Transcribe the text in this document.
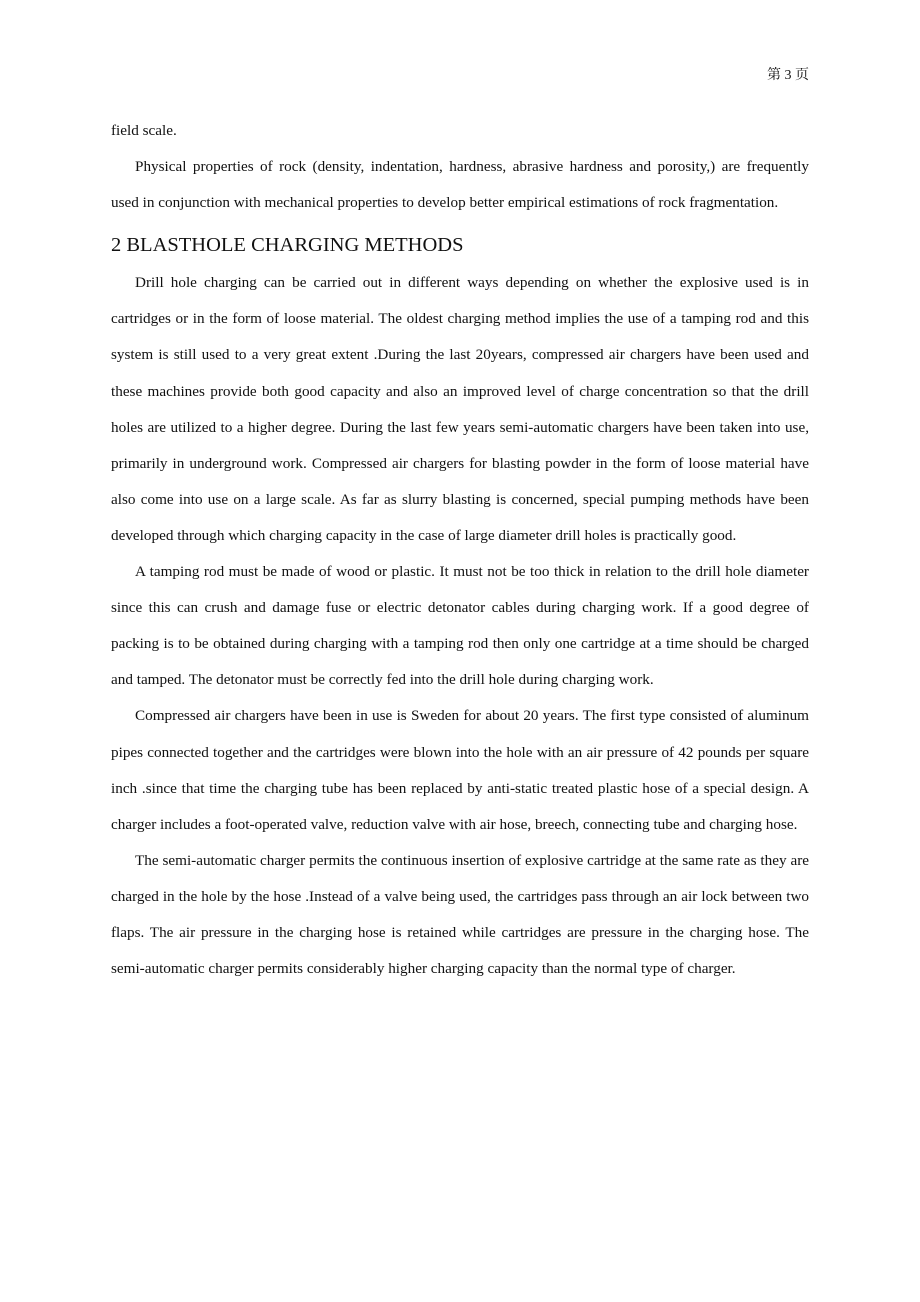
第 3 页

field scale.

Physical properties of rock (density, indentation, hardness, abrasive hardness and porosity,) are frequently used in conjunction with mechanical properties to develop better empirical estimations of rock fragmentation.

2 BLASTHOLE CHARGING METHODS

Drill hole charging can be carried out in different ways depending on whether the explosive used is in cartridges or in the form of loose material. The oldest charging method implies the use of a tamping rod and this system is still used to a very great extent .During the last 20years, compressed air chargers have been used and these machines provide both good capacity and also an improved level of charge concentration so that the drill holes are utilized to a higher degree. During the last few years semi-automatic chargers have been taken into use, primarily in underground work. Compressed air chargers for blasting powder in the form of loose material have also come into use on a large scale. As far as slurry blasting is concerned, special pumping methods have been developed through which charging capacity in the case of large diameter drill holes is practically good.

A tamping rod must be made of wood or plastic. It must not be too thick in relation to the drill hole diameter since this can crush and damage fuse or electric detonator cables during charging work. If a good degree of packing is to be obtained during charging with a tamping rod then only one cartridge at a time should be charged and tamped. The detonator must be correctly fed into the drill hole during charging work.

Compressed air chargers have been in use is Sweden for about 20 years. The first type consisted of aluminum pipes connected together and the cartridges were blown into the hole with an air pressure of 42 pounds per square inch .since that time the charging tube has been replaced by anti-static treated plastic hose of a special design. A charger includes a foot-operated valve, reduction valve with air hose, breech, connecting tube and charging hose.

The semi-automatic charger permits the continuous insertion of explosive cartridge at the same rate as they are charged in the hole by the hose .Instead of a valve being used, the cartridges pass through an air lock between two flaps. The air pressure in the charging hose is retained while cartridges are pressure in the charging hose. The semi-automatic charger permits considerably higher charging capacity than the normal type of charger.
